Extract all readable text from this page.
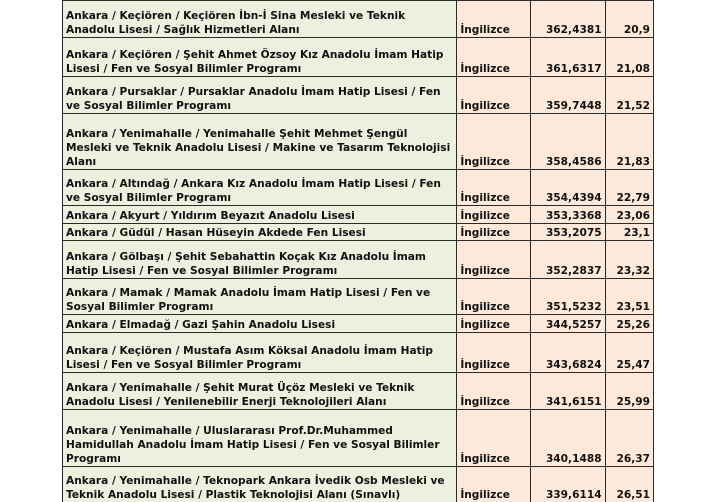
Ankara / Keçiören / Keçiören İbn-İ Sina Mesleki ve Teknik Anadolu Lisesi / Sağlık Hizmetleri Alanı	İngilizce	362,4381	20,9
Ankara / Keçiören / Şehit Ahmet Özsoy Kız Anadolu İmam Hatip Lisesi / Fen ve Sosyal Bilimler Programı	İngilizce	361,6317	21,08
Ankara / Pursaklar / Pursaklar Anadolu İmam Hatip Lisesi / Fen ve Sosyal Bilimler Programı	İngilizce	359,7448	21,52
Ankara / Yenimahalle / Yenimahalle Şehit Mehmet Şengül Mesleki ve Teknik Anadolu Lisesi / Makine ve Tasarım Teknolojisi Alanı	İngilizce	358,4586	21,83
Ankara / Altındağ / Ankara Kız Anadolu İmam Hatip Lisesi / Fen ve Sosyal Bilimler Programı	İngilizce	354,4394	22,79
Ankara / Akyurt / Yıldırım Beyazıt Anadolu Lisesi	İngilizce	353,3368	23,06
Ankara / Güdül / Hasan Hüseyin Akdede Fen Lisesi	İngilizce	353,2075	23,1
Ankara / Gölbaşı / Şehit Sebahattin Koçak Kız Anadolu İmam Hatip Lisesi / Fen ve Sosyal Bilimler Programı	İngilizce	352,2837	23,32
Ankara / Mamak / Mamak Anadolu İmam Hatip Lisesi / Fen ve Sosyal Bilimler Programı	İngilizce	351,5232	23,51
Ankara / Elmadağ / Gazi Şahin Anadolu Lisesi	İngilizce	344,5257	25,26
Ankara / Keçiören / Mustafa Asım Köksal Anadolu İmam Hatip Lisesi / Fen ve Sosyal Bilimler Programı	İngilizce	343,6824	25,47
Ankara / Yenimahalle / Şehit Murat Üçöz Mesleki ve Teknik Anadolu Lisesi / Yenilenebilir Enerji Teknolojileri Alanı	İngilizce	341,6151	25,99
Ankara / Yenimahalle / Uluslararası Prof.Dr.Muhammed Hamidullah Anadolu İmam Hatip Lisesi / Fen ve Sosyal Bilimler Programı	İngilizce	340,1488	26,37
Ankara / Yenimahalle / Teknopark Ankara İvedik Osb Mesleki ve Teknik Anadolu Lisesi / Plastik Teknolojisi Alanı (Sınavlı)	İngilizce	339,6114	26,51
